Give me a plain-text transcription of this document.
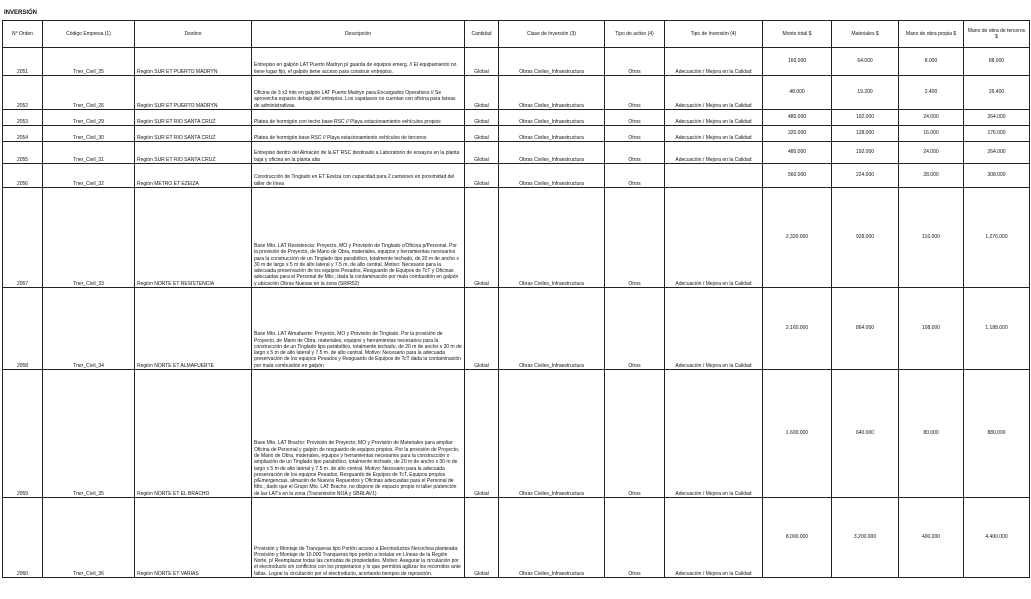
INVERSIÓN
N° Orden	Código Empresa (1)	Destino	Descripción	Cantidad	Clase de Inversión (3)	Tipo de activo (4)	Tipo de Inversión (4)	Monto total $	Materiales $	Mano de obra propia $	Mano de obra de terceros $
2051	Tner_Civil_25	Región SUR ET PUERTO MADRYN	Entrepiso en galpón LAT Puerto Madryn p/ guarda de equipos emerg. // El equipamiento no tiene lugar fijo, el galpón tiene acceso para construir entrepiso.	Global	Obras Civiles_Infraestructura	Otros	Adecuación / Mejora en la Calidad	160.000	64.000	8.000	88.000
2052	Tner_Civil_26	Región SUR ET PUERTO MADRYN	Oficina de 3 x3 mts en galpón LAT Puerto Madryn para Encargados Operativos // Se aprovecha espacio debajo del entrepiso. Los capataces no cuentan con oficina para tareas de administrativas.	Global	Obras Civiles_Infraestructura	Otros	Adecuación / Mejora en la Calidad	48.000	19.200	2.400	26.400
2053	Tner_Civil_29	Región SUR ET RIO SANTA CRUZ	Platea de hormigón con techo base RSC // Playa estacionamiento vehículos propios	Global	Obras Civiles_Infraestructura	Otros	Adecuación / Mejora en la Calidad	480.000	192.000	24.000	264.000
2054	Tner_Civil_30	Región SUR ET RIO SANTA CRUZ	Platea de hormigón base RSC // Playa estacionamiento vehículos de terceros	Global	Obras Civiles_Infraestructura	Otros	Adecuación / Mejora en la Calidad	320.000	128.000	16.000	176.000
2055	Tner_Civil_31	Región SUR ET RIO SANTA CRUZ	Entrepiso dentro del Almacén de la ET RSC destinado a Laboratorio de ensayos en la planta baja y oficina en la planta alta	Global	Obras Civiles_Infraestructura	Otros	Adecuación / Mejora en la Calidad	480.000	192.000	24.000	264.000
2056	Tner_Civil_32	Región METRO ET EZEIZA	Construcción de Tinglado en ET Ezeiza con capacidad para 2 camiones en proximidad del taller de línea	Global	Obras Civiles_Infraestructura	Otros		560.000	224.000	28.000	308.000
2057	Tner_Civil_33	Región NORTE ET RESISTENCIA	Base Mto. LAT Resistencia: Proyecto, MO y Provisión de Tinglado c/Oficina p/Personal. Por la provisión de Proyecto, de Mano de Obra, materiales, equipos y herramientas necesarios para la construcción de un Tinglado tipo parabólico, totalmente techado, de 20 m de ancho x 30 m de largo x 5 m de alto lateral y 7.5 m. de alto central. Motivo: Necesario para la adecuada preservación de los equipos Pesados, Resguardo de Equipos de TcT y Oficinas adecuadas para el Personal de Mto.; dada la contaminación por mala combustión en galpón y ubicación Obras Nuevas en la zona (SRIR52)	Global	Obras Civiles_Infraestructura	Otros	Adecuación / Mejora en la Calidad	2.320.000	928.000	116.000	1.276.000
2058	Tner_Civil_34	Región NORTE ET ALMAFUERTE	Base Mto. LAT Almafuerte: Proyecto, MO y Provisión de Tinglado. Por la provisión de Proyecto, de Mano de Obra, materiales, equipos y herramientas necesarios para la construcción de un Tinglado tipo parabólico, totalmente techado, de 20 m de ancho x 30 m de largo x 5 m de alto lateral y 7.5 m. de alto central. Motivo: Necesario para la adecuada preservación de los equipos Pesados y Resguardo de Equipos de TcT dada la contaminación por mala combustión en galpón	Global	Obras Civiles_Infraestructura	Otros	Adecuación / Mejora en la Calidad	2.160.000	864.000	108.000	1.188.000
2059	Tner_Civil_35	Región NORTE ET EL BRACHO	Base Mto. LAT Bracho: Provisión de Proyecto, MO y Provisión de Materiales para ampliar Oficina de Personal y galpón de resguardo de equipos propios. Por la provisión de Proyecto, de Mano de Obra, materiales, equipos y herramientas necesarios para la construcción o ampliación de un Tinglado tipo parabólico, totalmente techado, de 20 m de ancho x 30 m de largo x 5 m de alto lateral y 7.5 m. de alto central. Motivo: Necesario para la adecuada preservación de los equipos Pesados, Resguardo de Equipos de TcT, Equipos propios p/Emergencias, almacén de Nuevos Repuestos y Oficinas adecuadas para el Personal de Mto., dado que el Grupo Mto. LAT Bracho, no dispone de espacio propio ni taller p/atención de las LAT's en la zona (Transmisión NOA y SBRLAV1)	Global	Obras Civiles_Infraestructura	Otros	Adecuación / Mejora en la Calidad	1.600.000	640.000	80.000	880.000
2060	Tner_Civil_36	Región NORTE ET VARIAS	Provisión y Montaje de Tranqueras tipo Portón acceso a Electroductos Necochea planteada: Provisión y Montaje de 10.000 Tranqueras tipo portón a instalar en Líneas de la Región Norte, p/ Reemplazar todas las cerradas de propiedades. Motivo: Asegurar la circulación por el electroducto sin conflictos con los propietarios y lo que permitirá agilizar los recorridos ante fallas. Lograr la circulación por el electroducto, acortando tiempos de reposición.	Global	Obras Civiles_Infraestructura	Otros	Adecuación / Mejora en la Calidad	8.000.000	3.200.000	400.000	4.400.000
